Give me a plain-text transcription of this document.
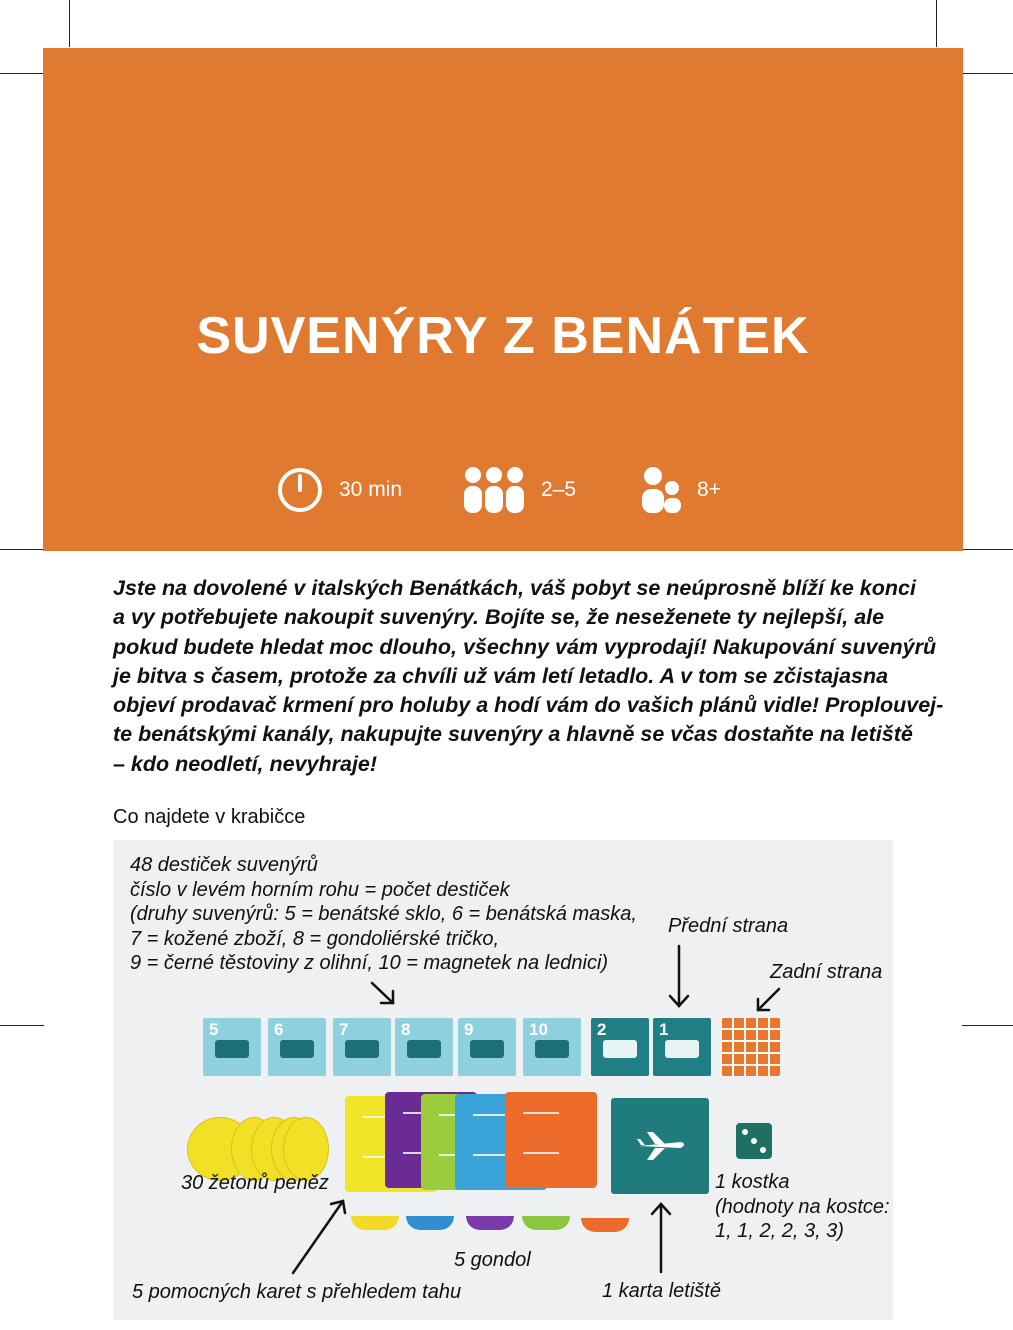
SUVENÝRY Z BENÁTEK
30 min	2–5	8+
Jste na dovolené v italských Benátkách, váš pobyt se neúprosně blíží ke konci
a vy potřebujete nakoupit suvenýry. Bojíte se, že neseženete ty nejlepší, ale
pokud budete hledat moc dlouho, všechny vám vyprodají! Nakupování suvenýrů
je bitva s časem, protože za chvíli už vám letí letadlo. A v tom se zčistajasna
objeví prodavač krmení pro holuby a hodí vám do vašich plánů vidle! Proplouvej-
te benátskými kanály, nakupujte suvenýry a hlavně se včas dostaňte na letiště
– kdo neodletí, nevyhraje!
Co najdete v krabičce
48 destiček suvenýrů
číslo v levém horním rohu = počet destiček
(druhy suvenýrů: 5 = benátské sklo, 6 = benátská maska,
7 = kožené zboží, 8 = gondoliérské tričko,
9 = černé těstoviny z olihní, 10 = magnetek na lednici)
Přední strana
Zadní strana
5	6	7	8	9	10	2	1
30 žetonů peněz	1 kostka
(hodnoty na kostce:
1, 1, 2, 2, 3, 3)
5 gondol
5 pomocných karet s přehledem tahu	1 karta letiště
